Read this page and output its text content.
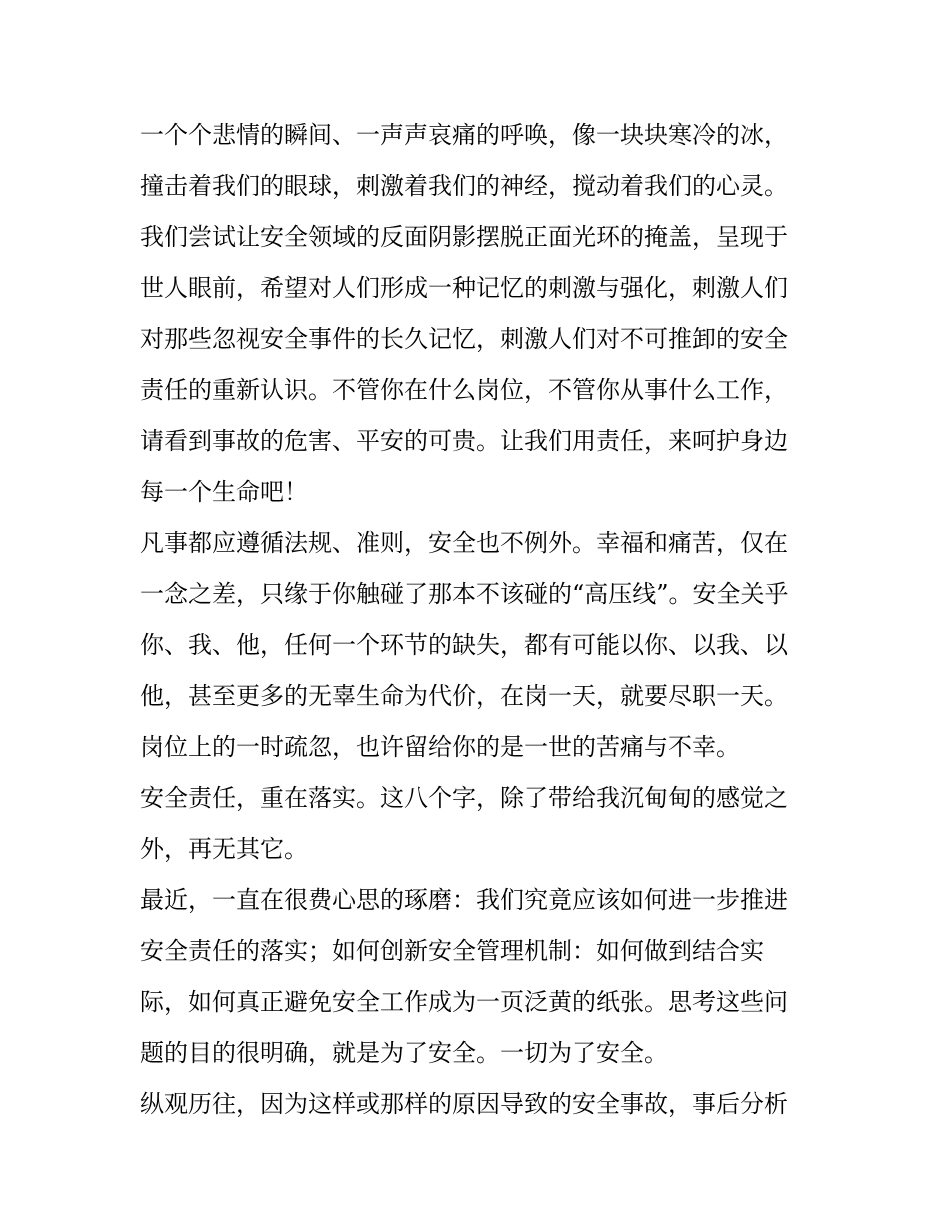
一个个悲情的瞬间、一声声哀痛的呼唤，像一块块寒冷的冰，
撞击着我们的眼球，刺激着我们的神经，搅动着我们的心灵。
我们尝试让安全领域的反面阴影摆脱正面光环的掩盖，呈现于
世人眼前，希望对人们形成一种记忆的刺激与强化，刺激人们
对那些忽视安全事件的长久记忆，刺激人们对不可推卸的安全
责任的重新认识。不管你在什么岗位，不管你从事什么工作，
请看到事故的危害、平安的可贵。让我们用责任，来呵护身边
每一个生命吧！

凡事都应遵循法规、准则，安全也不例外。幸福和痛苦，仅在
一念之差，只缘于你触碰了那本不该碰的“高压线”。安全关乎
你、我、他，任何一个环节的缺失，都有可能以你、以我、以
他，甚至更多的无辜生命为代价，在岗一天，就要尽职一天。
岗位上的一时疏忽，也许留给你的是一世的苦痛与不幸。

安全责任，重在落实。这八个字，除了带给我沉甸甸的感觉之
外，再无其它。

最近，一直在很费心思的琢磨：我们究竟应该如何进一步推进
安全责任的落实；如何创新安全管理机制：如何做到结合实
际，如何真正避免安全工作成为一页泛黄的纸张。思考这些问
题的目的很明确，就是为了安全。一切为了安全。

纵观历往，因为这样或那样的原因导致的安全事故，事后分析
